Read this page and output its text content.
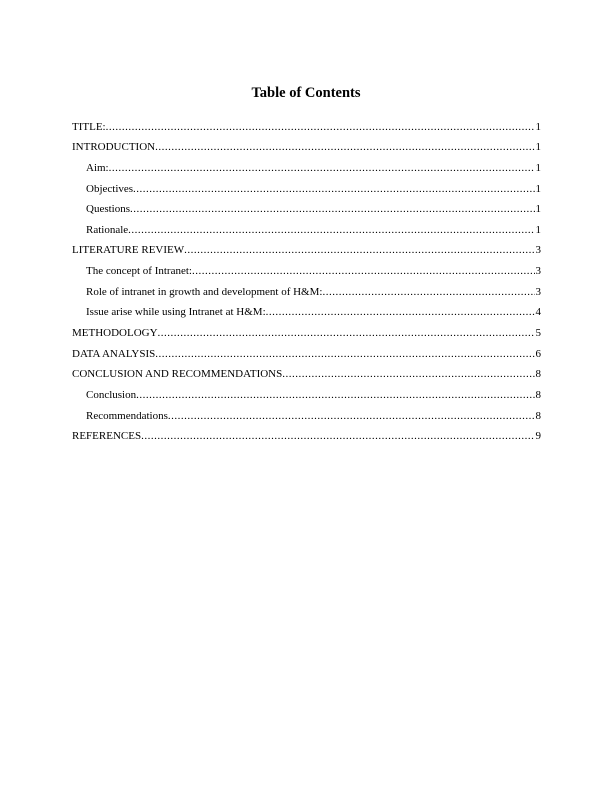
Table of Contents
TITLE: .....	1
INTRODUCTION .....	1
Aim: .....	1
Objectives .....	1
Questions .....	1
Rationale .....	1
LITERATURE REVIEW .....	3
The concept of Intranet: .....	3
Role of intranet in growth and development of H&M: .....	3
Issue arise while using Intranet at H&M: .....	4
METHODOLOGY .....	5
DATA ANALYSIS .....	6
CONCLUSION AND RECOMMENDATIONS .....	8
Conclusion .....	8
Recommendations .....	8
REFERENCES .....	9
